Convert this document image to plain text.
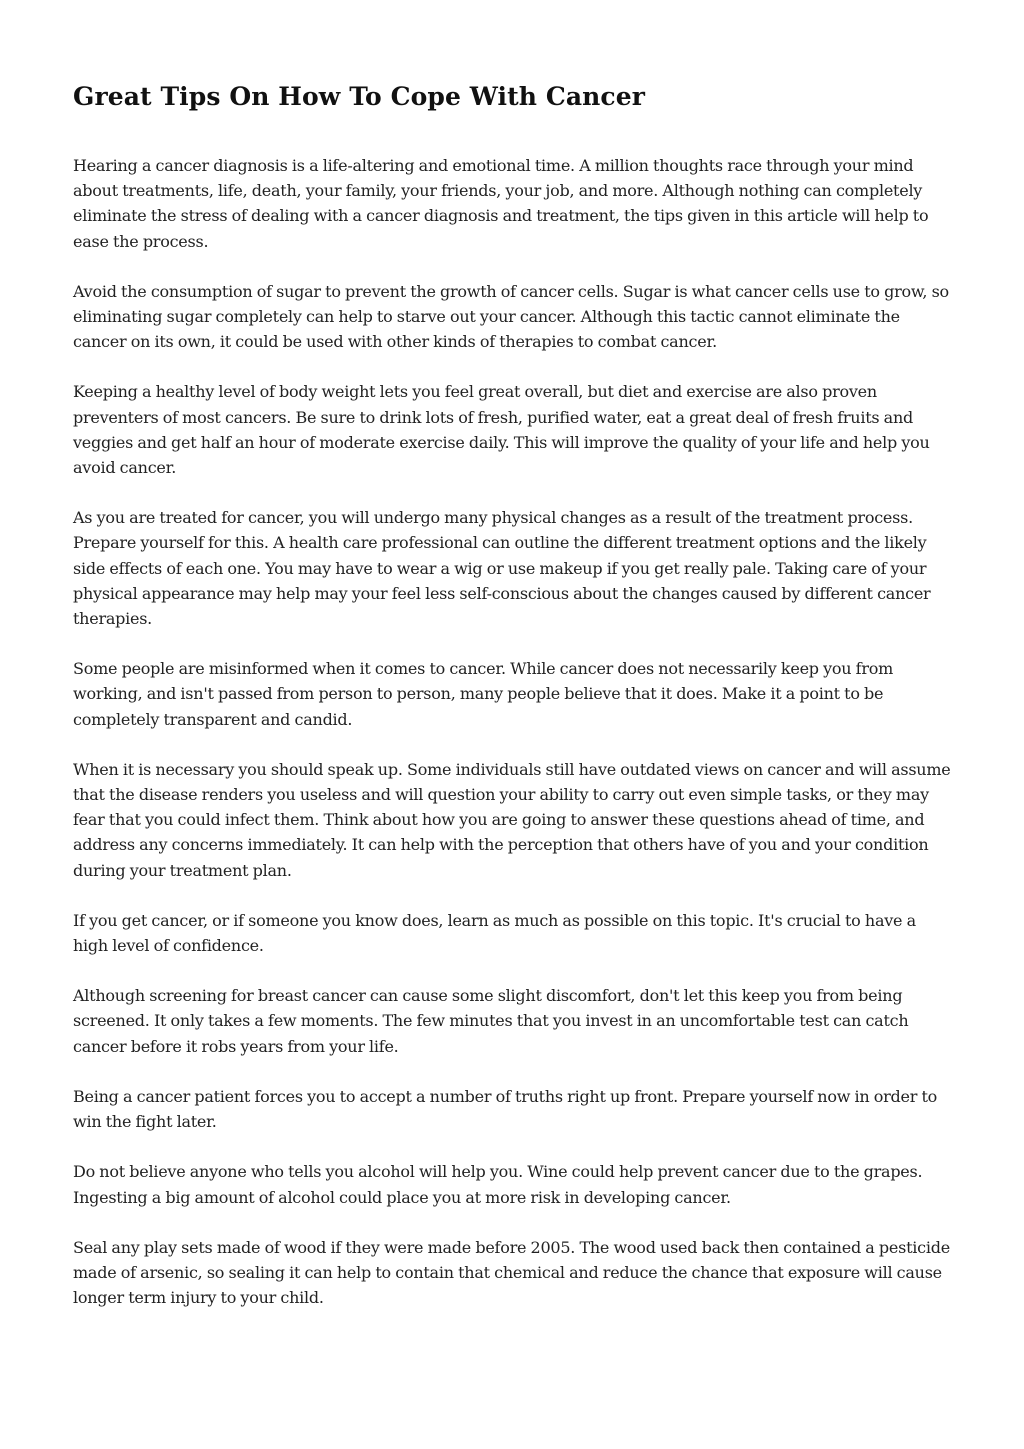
Great Tips On How To Cope With Cancer

Hearing a cancer diagnosis is a life-altering and emotional time. A million thoughts race through your mind about treatments, life, death, your family, your friends, your job, and more. Although nothing can completely eliminate the stress of dealing with a cancer diagnosis and treatment, the tips given in this article will help to ease the process.

Avoid the consumption of sugar to prevent the growth of cancer cells. Sugar is what cancer cells use to grow, so eliminating sugar completely can help to starve out your cancer. Although this tactic cannot eliminate the cancer on its own, it could be used with other kinds of therapies to combat cancer.

Keeping a healthy level of body weight lets you feel great overall, but diet and exercise are also proven preventers of most cancers. Be sure to drink lots of fresh, purified water, eat a great deal of fresh fruits and veggies and get half an hour of moderate exercise daily. This will improve the quality of your life and help you avoid cancer.

As you are treated for cancer, you will undergo many physical changes as a result of the treatment process. Prepare yourself for this. A health care professional can outline the different treatment options and the likely side effects of each one. You may have to wear a wig or use makeup if you get really pale. Taking care of your physical appearance may help may your feel less self-conscious about the changes caused by different cancer therapies.

Some people are misinformed when it comes to cancer. While cancer does not necessarily keep you from working, and isn't passed from person to person, many people believe that it does. Make it a point to be completely transparent and candid.

When it is necessary you should speak up. Some individuals still have outdated views on cancer and will assume that the disease renders you useless and will question your ability to carry out even simple tasks, or they may fear that you could infect them. Think about how you are going to answer these questions ahead of time, and address any concerns immediately. It can help with the perception that others have of you and your condition during your treatment plan.

If you get cancer, or if someone you know does, learn as much as possible on this topic. It's crucial to have a high level of confidence.

Although screening for breast cancer can cause some slight discomfort, don't let this keep you from being screened. It only takes a few moments. The few minutes that you invest in an uncomfortable test can catch cancer before it robs years from your life.

Being a cancer patient forces you to accept a number of truths right up front. Prepare yourself now in order to win the fight later.

Do not believe anyone who tells you alcohol will help you. Wine could help prevent cancer due to the grapes. Ingesting a big amount of alcohol could place you at more risk in developing cancer.

Seal any play sets made of wood if they were made before 2005. The wood used back then contained a pesticide made of arsenic, so sealing it can help to contain that chemical and reduce the chance that exposure will cause longer term injury to your child.
